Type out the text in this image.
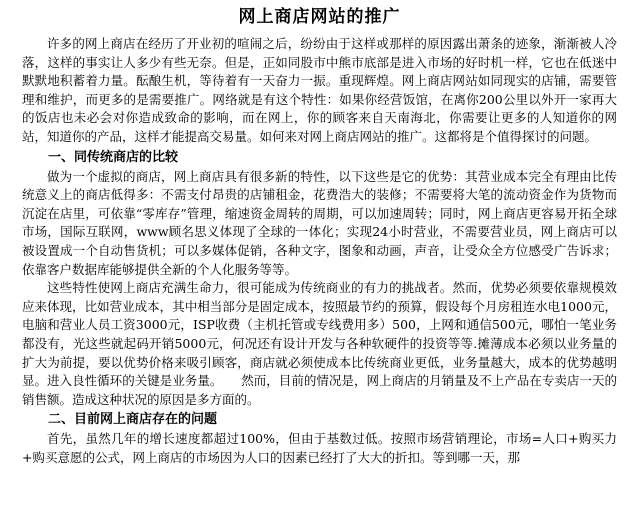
网上商店网站的推广

许多的网上商店在经历了开业初的喧闹之后，纷纷由于这样或那样的原因露出萧条的迹象，渐渐被人冷落，这样的事实让人多少有些无奈。但是，正如同股市中熊市底部是进入市场的好时机一样，它也在低迷中默默地积蓄着力量。酝酿生机，等待着有一天奋力一振。重现辉煌。网上商店网站如同现实的店铺，需要管理和维护，而更多的是需要推广。网络就是有这个特性：如果你经营饭馆，在离你200公里以外开一家再大的饭店也未必会对你造成致命的影响，而在网上，你的顾客来自天南海北，你需要让更多的人知道你的网站，知道你的产品，这样才能提高交易量。如何来对网上商店网站的推广。这都将是个值得探讨的问题。

一、同传统商店的比较

做为一个虚拟的商店，网上商店具有很多新的特性，以下这些是它的优势：其营业成本完全有理由比传统意义上的商店低得多：不需支付昂贵的店铺租金，花费浩大的装修；不需要将大笔的流动资金作为货物而沉淀在店里，可依靠“零库存”管理，缩速资金周转的周期，可以加速周转；同时，网上商店更容易开拓全球市场，国际互联网，www顾名思义体现了全球的一体化；实现24小时营业，不需要营业员，网上商店可以被设置成一个自动售货机；可以多媒体促销，各种文字，图象和动画，声音，让受众全方位感受广告诉求；依靠客户数据库能够提供全新的个人化服务等等。

这些特性使网上商店充满生命力，很可能成为传统商业的有力的挑战者。然而，优势必须要依靠规模效应来体现，比如营业成本，其中相当部分是固定成本，按照最节约的预算，假设每个月房租连水电1000元，电脑和营业人员工资3000元，ISP收费（主机托管或专线费用多）500，上网和通信500元，哪怕一笔业务都没有，光这些就起码开销5000元，何况还有设计开发与各种软硬件的投资等等.摊薄成本必须以业务量的扩大为前提，要以优势价格来吸引顾客，商店就必须使成本比传统商业更低，业务量越大，成本的优势越明显。进入良性循环的关键是业务量。　　然而，目前的情况是，网上商店的月销量及不上产品在专卖店一天的销售额。造成这种状况的原因是多方面的。

二、目前网上商店存在的问题

首先，虽然几年的增长速度都超过100%，但由于基数过低。按照市场营销理论，市场=人口+购买力+购买意愿的公式，网上商店的市场因为人口的因素已经打了大大的折扣。等到哪一天，那
